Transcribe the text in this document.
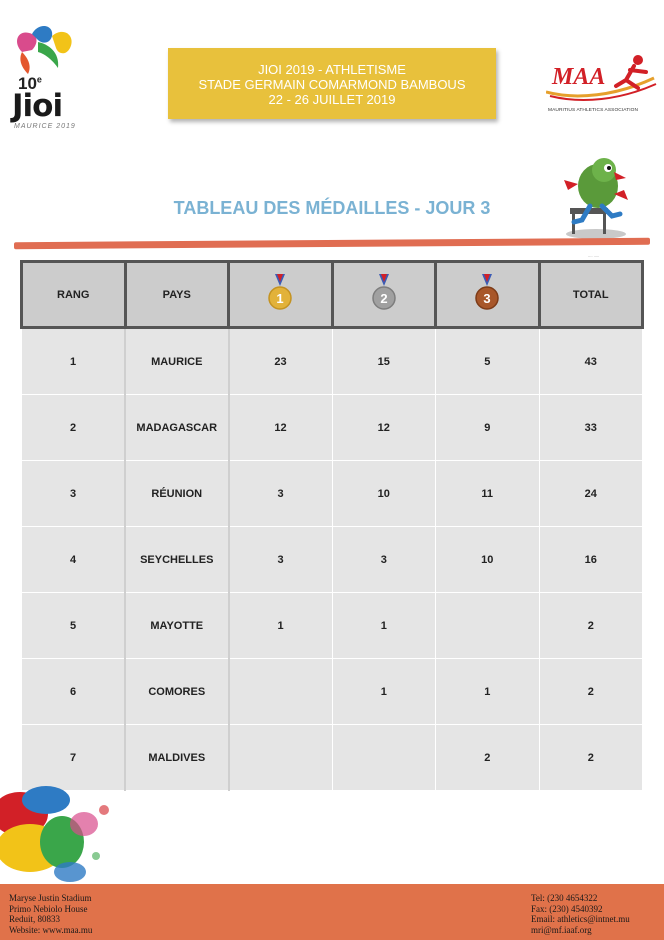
10e
Jioi
MAURICE 2019
JIOI 2019 - ATHLETISME
STADE GERMAIN COMARMOND BAMBOUS
22 - 26 JUILLET 2019
MAA
MAURITIUS ATHLETICS ASSOCIATION
∙∙∙∙ ∙∙∙∙∙
TABLEAU DES MÉDAILLES - JOUR 3
RANG	PAYS	1	2	3	TOTAL
1	MAURICE	23	15	5	43
2	MADAGASCAR	12	12	9	33
3	RÉUNION	3	10	11	24
4	SEYCHELLES	3	3	10	16
5	MAYOTTE	1	1		2
6	COMORES		1	1	2
7	MALDIVES			2	2
Maryse Justin Stadium
Primo Nebiolo House
Reduit, 80833
Website: www.maa.mu
Tel: (230 4654322
Fax: (230) 4540392
Email: athletics@intnet.mu
mri@mf.iaaf.org
